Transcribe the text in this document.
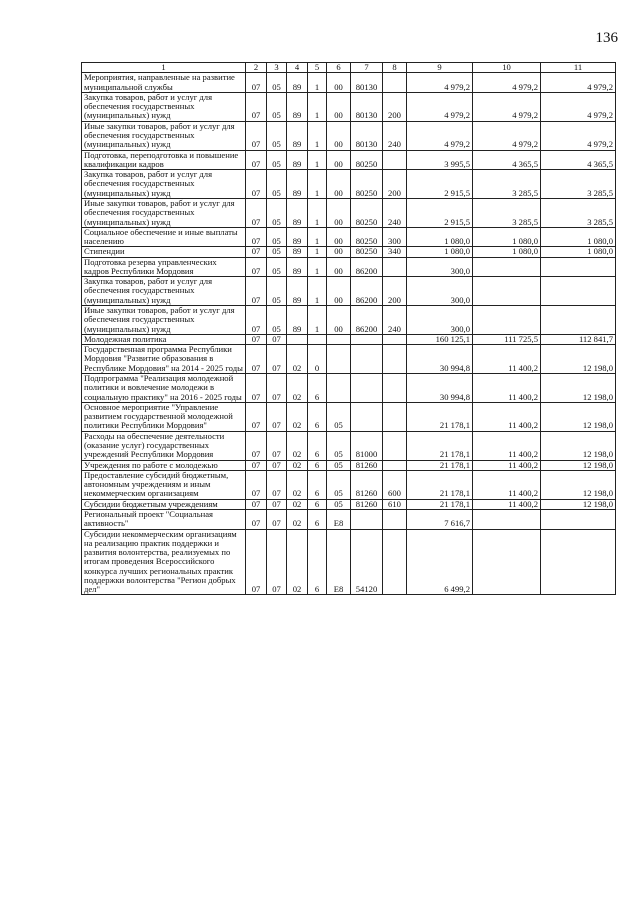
136
1	2	3	4	5	6	7	8	9	10	11
Мероприятия, направленные на развитие муниципальной службы	07	05	89	1	00	80130		4 979,2	4 979,2	4 979,2
Закупка товаров, работ и услуг для обеспечения государственных (муниципальных) нужд	07	05	89	1	00	80130	200	4 979,2	4 979,2	4 979,2
Иные закупки товаров, работ и услуг для обеспечения государственных (муниципальных) нужд	07	05	89	1	00	80130	240	4 979,2	4 979,2	4 979,2
Подготовка, переподготовка и повышение квалификации кадров	07	05	89	1	00	80250		3 995,5	4 365,5	4 365,5
Закупка товаров, работ и услуг для обеспечения государственных (муниципальных) нужд	07	05	89	1	00	80250	200	2 915,5	3 285,5	3 285,5
Иные закупки товаров, работ и услуг для обеспечения государственных (муниципальных) нужд	07	05	89	1	00	80250	240	2 915,5	3 285,5	3 285,5
Социальное обеспечение и иные выплаты населению	07	05	89	1	00	80250	300	1 080,0	1 080,0	1 080,0
Стипендии	07	05	89	1	00	80250	340	1 080,0	1 080,0	1 080,0
Подготовка резерва управленческих кадров Республики Мордовия	07	05	89	1	00	86200		300,0		
Закупка товаров, работ и услуг для обеспечения государственных (муниципальных) нужд	07	05	89	1	00	86200	200	300,0		
Иные закупки товаров, работ и услуг для обеспечения государственных (муниципальных) нужд	07	05	89	1	00	86200	240	300,0		
Молодежная политика	07	07						160 125,1	111 725,5	112 841,7
Государственная программа Республики Мордовия "Развитие образования в Республике Мордовия" на 2014 - 2025 годы	07	07	02	0				30 994,8	11 400,2	12 198,0
Подпрограмма "Реализация молодежной политики и вовлечение молодежи в социальную практику" на 2016 - 2025 годы	07	07	02	6				30 994,8	11 400,2	12 198,0
Основное мероприятие "Управление развитием государственной молодежной политики Республики Мордовия"	07	07	02	6	05			21 178,1	11 400,2	12 198,0
Расходы на обеспечение деятельности (оказание услуг) государственных учреждений Республики Мордовия	07	07	02	6	05	81000		21 178,1	11 400,2	12 198,0
Учреждения по работе с молодежью	07	07	02	6	05	81260		21 178,1	11 400,2	12 198,0
Предоставление субсидий бюджетным, автономным учреждениям и иным некоммерческим организациям	07	07	02	6	05	81260	600	21 178,1	11 400,2	12 198,0
Субсидии бюджетным учреждениям	07	07	02	6	05	81260	610	21 178,1	11 400,2	12 198,0
Региональный проект "Социальная активность"	07	07	02	6	E8			7 616,7		
Субсидии некоммерческим организациям на реализацию практик поддержки и развития волонтерства, реализуемых по итогам проведения Всероссийского конкурса лучших региональных практик поддержки волонтерства "Регион добрых дел"	07	07	02	6	E8	54120		6 499,2		
